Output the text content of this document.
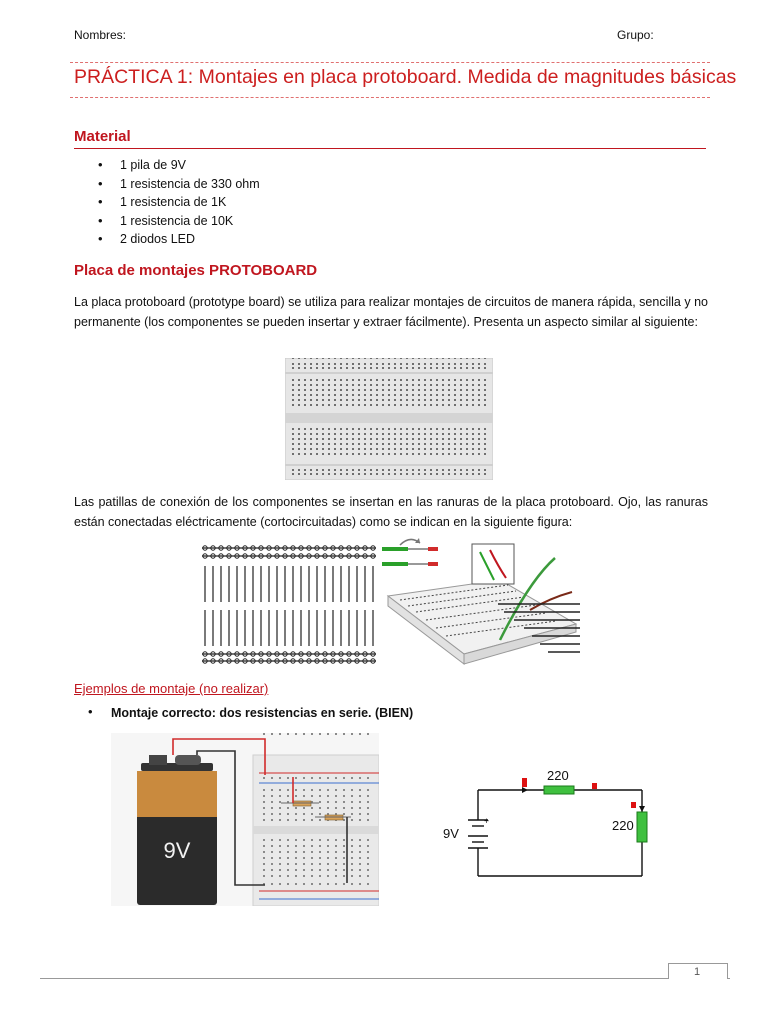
Nombres:	Grupo:
PRÁCTICA 1: Montajes en placa protoboard. Medida de magnitudes básicas
Material
• 1 pila de 9V
• 1 resistencia de 330 ohm
• 1 resistencia de 1K
• 1 resistencia de 10K
• 2 diodos LED
Placa de montajes PROTOBOARD
La placa protoboard (prototype board) se utiliza para realizar montajes de circuitos de manera rápida, sencilla y no permanente (los componentes se pueden insertar y extraer fácilmente). Presenta un aspecto similar al siguiente:
Las patillas de conexión de los componentes se insertan en las ranuras de la placa protoboard. Ojo, las ranuras están conectadas eléctricamente (cortocircuitadas) como se indican en la siguiente figura:
Ejemplos de montaje (no realizar)
• Montaje correcto: dos resistencias en serie. (BIEN)
9V
+
9V
220
220
1
